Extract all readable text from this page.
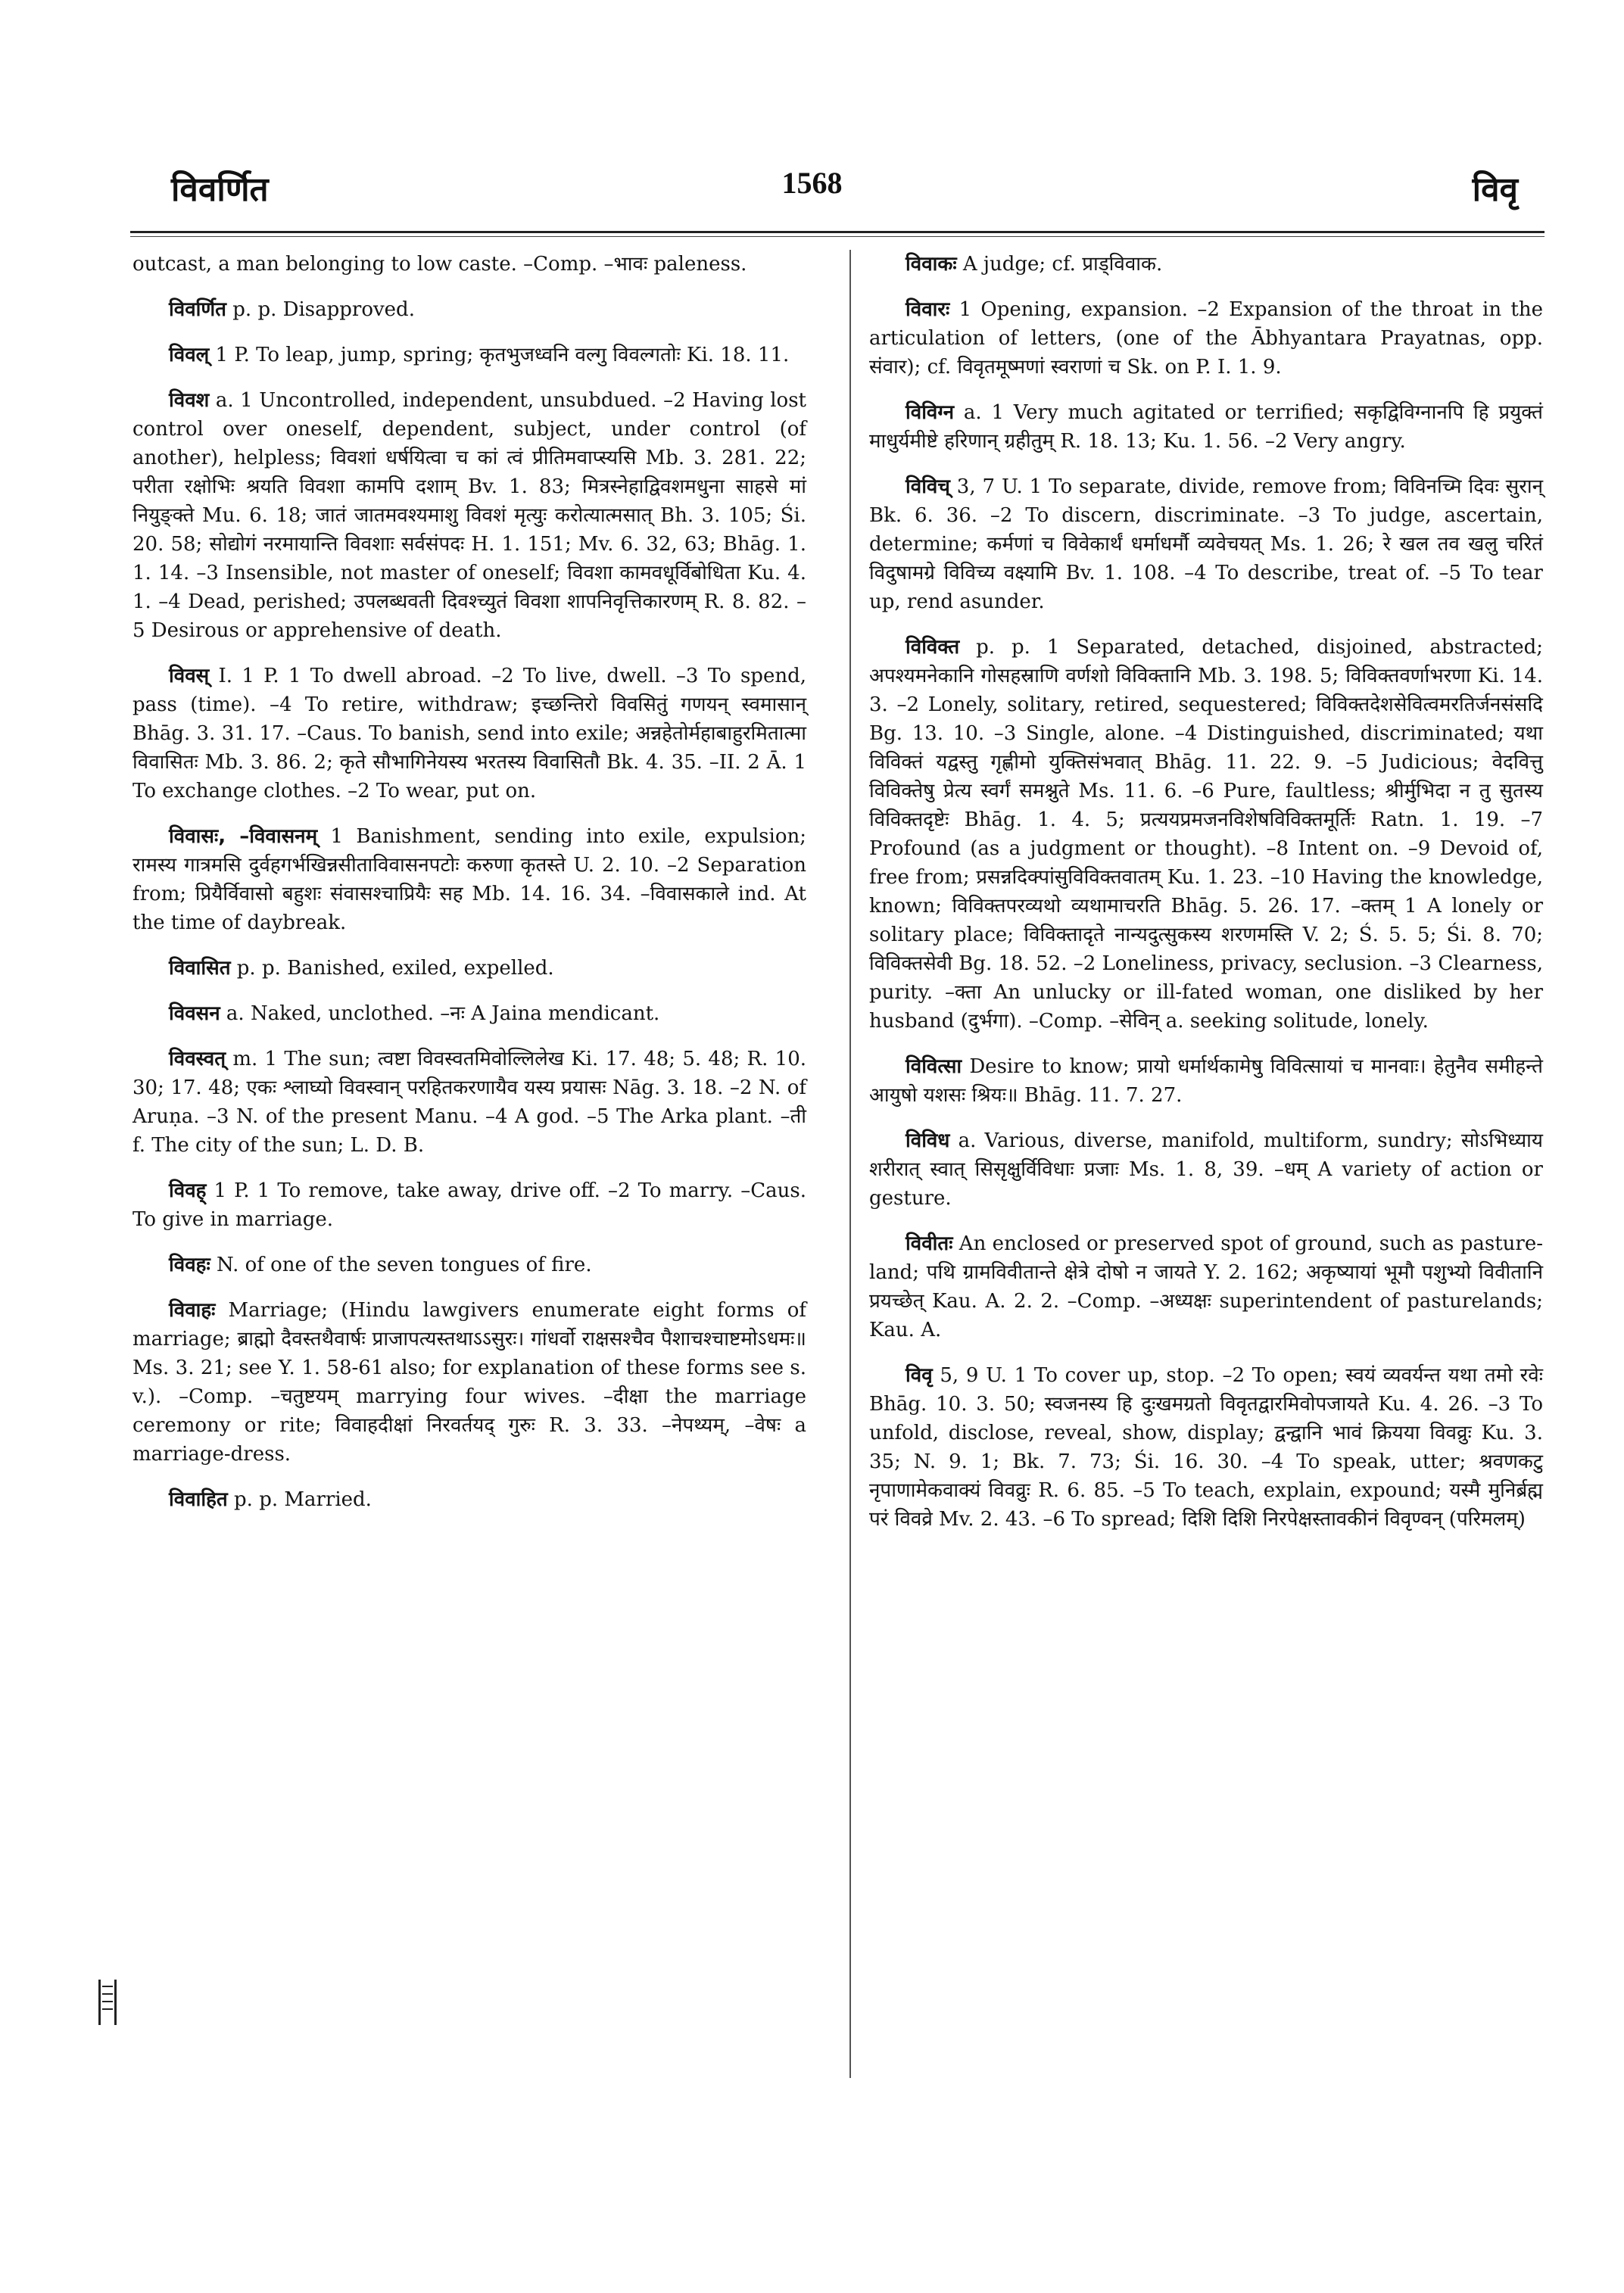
विवर्णित	1568	विवृ

outcast, a man belonging to low caste. –Comp. –भावः paleness.

विवर्णित p. p. Disapproved.

विवल् 1 P. To leap, jump, spring; कृतभुजध्वनि वल्गु विवल्गतोः Ki. 18. 11.

विवश a. 1 Uncontrolled, independent, unsubdued. –2 Having lost control over oneself, dependent, subject, under control (of another), helpless; विवशां धर्षयित्वा च कां त्वं प्रीतिमवाप्स्यसि Mb. 3. 281. 22; परीता रक्षोभिः श्रयति विवशा कामपि दशाम् Bv. 1. 83; मित्रस्नेहाद्विवशमधुना साहसे मां नियुङ्क्ते Mu. 6. 18; जातं जातमवश्यमाशु विवशं मृत्युः करोत्यात्मसात् Bh. 3. 105; Śi. 20. 58; सोद्योगं नरमायान्ति विवशाः सर्वसंपदः H. 1. 151; Mv. 6. 32, 63; Bhāg. 1. 1. 14. –3 Insensible, not master of oneself; विवशा कामवधूर्विबोधिता Ku. 4. 1. –4 Dead, perished; उपलब्धवती दिवश्च्युतं विवशा शापनिवृत्तिकारणम् R. 8. 82. –5 Desirous or apprehensive of death.

विवस् I. 1 P. 1 To dwell abroad. –2 To live, dwell. –3 To spend, pass (time). –4 To retire, withdraw; इच्छन्तिरो विवसितुं गणयन् स्वमासान् Bhāg. 3. 31. 17. –Caus. To banish, send into exile; अन्नहेतोर्महाबाहुरमितात्मा विवासितः Mb. 3. 86. 2; कृते सौभागिनेयस्य भरतस्य विवासितौ Bk. 4. 35. –II. 2 Ā. 1 To exchange clothes. –2 To wear, put on.

विवासः, –विवासनम् 1 Banishment, sending into exile, expulsion; रामस्य गात्रमसि दुर्वहगर्भखिन्नसीताविवासनपटोः करुणा कृतस्ते U. 2. 10. –2 Separation from; प्रियैर्विवासो बहुशः संवासश्चाप्रियैः सह Mb. 14. 16. 34. –विवासकाले ind. At the time of daybreak.

विवासित p. p. Banished, exiled, expelled.

विवसन a. Naked, unclothed. –नः A Jaina mendicant.

विवस्वत् m. 1 The sun; त्वष्टा विवस्वतमिवोल्लिलेख Ki. 17. 48; 5. 48; R. 10. 30; 17. 48; एकः श्लाघ्यो विवस्वान् परहितकरणायैव यस्य प्रयासः Nāg. 3. 18. –2 N. of Aruṇa. –3 N. of the present Manu. –4 A god. –5 The Arka plant. –ती f. The city of the sun; L. D. B.

विवह् 1 P. 1 To remove, take away, drive off. –2 To marry. –Caus. To give in marriage.

विवहः N. of one of the seven tongues of fire.

विवाहः Marriage; (Hindu lawgivers enumerate eight forms of marriage; ब्राह्मो दैवस्तथैवार्षः प्राजापत्यस्तथाऽऽसुरः। गांधर्वो राक्षसश्चैव पैशाचश्चाष्टमोऽधमः॥ Ms. 3. 21; see Y. 1. 58-61 also; for explanation of these forms see s. v.). –Comp. –चतुष्टयम् marrying four wives. –दीक्षा the marriage ceremony or rite; विवाहदीक्षां निरवर्तयद् गुरुः R. 3. 33. –नेपथ्यम्, –वेषः a marriage-dress.

विवाहित p. p. Married.

विवाकः A judge; cf. प्राड्विवाक.

विवारः 1 Opening, expansion. –2 Expansion of the throat in the articulation of letters, (one of the Ābhyantara Prayatnas, opp. संवार); cf. विवृतमूष्मणां स्वराणां च Sk. on P. I. 1. 9.

विविग्न a. 1 Very much agitated or terrified; सकृद्विविग्नानपि हि प्रयुक्तं माधुर्यमीष्टे हरिणान् ग्रहीतुम् R. 18. 13; Ku. 1. 56. –2 Very angry.

विविच् 3, 7 U. 1 To separate, divide, remove from; विविनच्मि दिवः सुरान् Bk. 6. 36. –2 To discern, discriminate. –3 To judge, ascertain, determine; कर्मणां च विवेकार्थं धर्माधर्मौ व्यवेचयत् Ms. 1. 26; रे खल तव खलु चरितं विदुषामग्रे विविच्य वक्ष्यामि Bv. 1. 108. –4 To describe, treat of. –5 To tear up, rend asunder.

विविक्त p. p. 1 Separated, detached, disjoined, abstracted; अपश्यमनेकानि गोसहस्राणि वर्णशो विविक्तानि Mb. 3. 198. 5; विविक्तवर्णाभरणा Ki. 14. 3. –2 Lonely, solitary, retired, sequestered; विविक्तदेशसेवित्वमरतिर्जनसंसदि Bg. 13. 10. –3 Single, alone. –4 Distinguished, discriminated; यथा विविक्तं यद्वस्तु गृह्णीमो युक्तिसंभवात् Bhāg. 11. 22. 9. –5 Judicious; वेदवित्तु विविक्तेषु प्रेत्य स्वर्गं समश्नुते Ms. 11. 6. –6 Pure, faultless; श्रीर्मुभिदा न तु सुतस्य विविक्तदृष्टेः Bhāg. 1. 4. 5; प्रत्ययप्रमजनविशेषविविक्तमूर्तिः Ratn. 1. 19. –7 Profound (as a judgment or thought). –8 Intent on. –9 Devoid of, free from; प्रसन्नदिक्पांसुविविक्तवातम् Ku. 1. 23. –10 Having the knowledge, known; विविक्तपरव्यथो व्यथामाचरति Bhāg. 5. 26. 17. –क्तम् 1 A lonely or solitary place; विविक्तादृते नान्यदुत्सुकस्य शरणमस्ति V. 2; Ś. 5. 5; Śi. 8. 70; विविक्तसेवी Bg. 18. 52. –2 Loneliness, privacy, seclusion. –3 Clearness, purity. –क्ता An unlucky or ill-fated woman, one disliked by her husband (दुर्भगा). –Comp. –सेविन् a. seeking solitude, lonely.

विवित्सा Desire to know; प्रायो धर्मार्थकामेषु विवित्सायां च मानवाः। हेतुनैव समीहन्ते आयुषो यशसः श्रियः॥ Bhāg. 11. 7. 27.

विविध a. Various, diverse, manifold, multiform, sundry; सोऽभिध्याय शरीरात् स्वात् सिसृक्षुर्विविधाः प्रजाः Ms. 1. 8, 39. –धम् A variety of action or gesture.

विवीतः An enclosed or preserved spot of ground, such as pasture-land; पथि ग्रामविवीतान्ते क्षेत्रे दोषो न जायते Y. 2. 162; अकृष्यायां भूमौ पशुभ्यो विवीतानि प्रयच्छेत् Kau. A. 2. 2. –Comp. –अध्यक्षः superintendent of pasturelands; Kau. A.

विवृ 5, 9 U. 1 To cover up, stop. –2 To open; स्वयं व्यवर्यन्त यथा तमो रवेः Bhāg. 10. 3. 50; स्वजनस्य हि दुःखमग्रतो विवृतद्वारमिवोपजायते Ku. 4. 26. –3 To unfold, disclose, reveal, show, display; द्वन्द्वानि भावं क्रियया विवव्रुः Ku. 3. 35; N. 9. 1; Bk. 7. 73; Śi. 16. 30. –4 To speak, utter; श्रवणकटु नृपाणामेकवाक्यं विवव्रुः R. 6. 85. –5 To teach, explain, expound; यस्मै मुनिर्ब्रह्म परं विवव्रे Mv. 2. 43. –6 To spread; दिशि दिशि निरपेक्षस्तावकीनं विवृण्वन् (परिमलम्)
